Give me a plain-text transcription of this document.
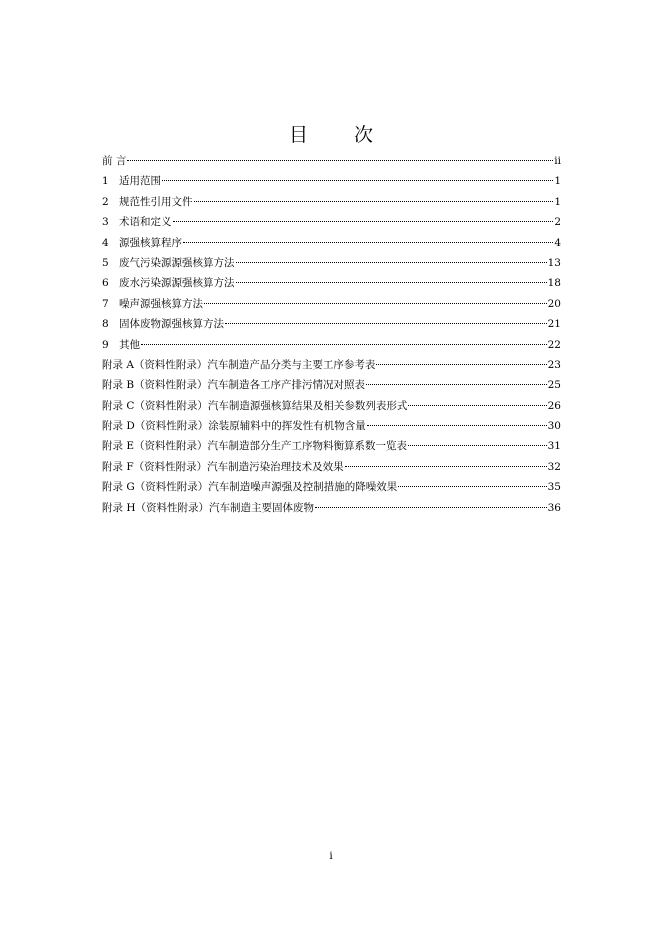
目 次
前 言	ii
1 适用范围	1
2 规范性引用文件	1
3 术语和定义	2
4 源强核算程序	4
5 废气污染源源强核算方法	13
6 废水污染源源强核算方法	18
7 噪声源强核算方法	20
8 固体废物源强核算方法	21
9 其他	22
附录 A（资料性附录）汽车制造产品分类与主要工序参考表	23
附录 B（资料性附录）汽车制造各工序产排污情况对照表	25
附录 C（资料性附录）汽车制造源强核算结果及相关参数列表形式	26
附录 D（资料性附录）涂装原辅料中的挥发性有机物含量	30
附录 E（资料性附录）汽车制造部分生产工序物料衡算系数一览表	31
附录 F（资料性附录）汽车制造污染治理技术及效果	32
附录 G（资料性附录）汽车制造噪声源强及控制措施的降噪效果	35
附录 H（资料性附录）汽车制造主要固体废物	36
i
